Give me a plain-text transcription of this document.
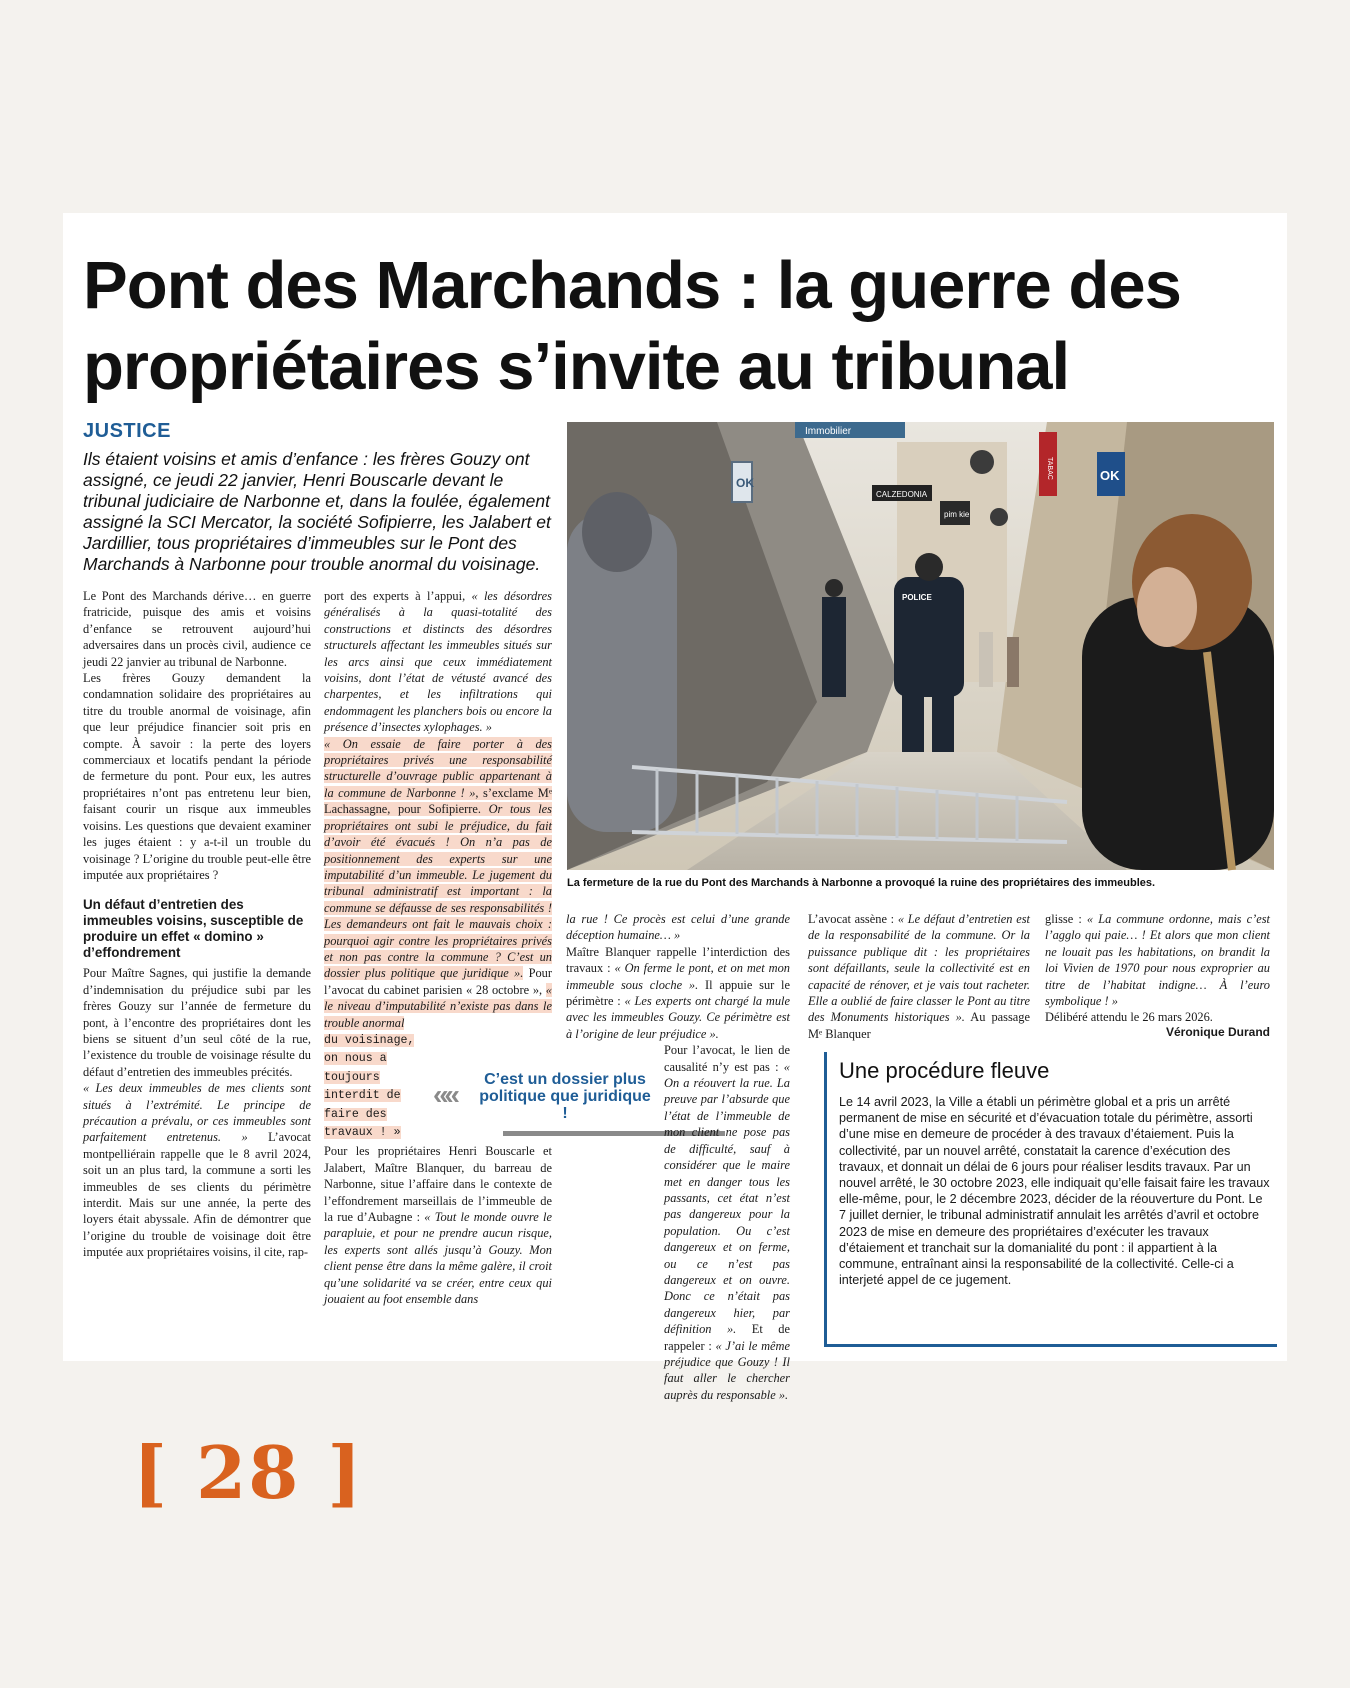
Pont des Marchands : la guerre des propriétaires s’invite au tribunal
JUSTICE

Ils étaient voisins et amis d’enfance : les frères Gouzy ont assigné, ce jeudi 22 janvier, Henri Bouscarle devant le tribunal judiciaire de Narbonne et, dans la foulée, également assigné la SCI Mercator, la société Sofipierre, les Jalabert et Jardillier, tous propriétaires d’immeubles sur le Pont des Marchands à Narbonne pour trouble anormal du voisinage.

Le Pont des Marchands dérive… en guerre fratricide, puisque des amis et voisins d’enfance se retrouvent aujourd’hui adversaires dans un procès civil, audience ce jeudi 22 janvier au tribunal de Narbonne.

Les frères Gouzy demandent la condamnation solidaire des propriétaires au titre du trouble anormal de voisinage, afin que leur préjudice financier soit pris en compte. À savoir : la perte des loyers commerciaux et locatifs pendant la période de fermeture du pont. Pour eux, les autres propriétaires n’ont pas entretenu leur bien, faisant courir un risque aux immeubles voisins. Les questions que devaient examiner les juges étaient : y a-t-il un trouble du voisinage ? L’origine du trouble peut-elle être imputée aux propriétaires ?

Un défaut d’entretien des immeubles voisins, susceptible de produire un effet « domino » d’effondrement

Pour Maître Sagnes, qui justifie la demande d’indemnisation du préjudice subi par les frères Gouzy sur l’année de fermeture du pont, à l’encontre des propriétaires dont les biens se situent d’un seul côté de la rue, l’existence du trouble de voisinage résulte du défaut d’entretien des immeubles précités.

« Les deux immeubles de mes clients sont situés à l’extrémité. Le principe de précaution a prévalu, or ces immeubles sont parfaitement entretenus. » L’avocat montpelliérain rappelle que le 8 avril 2024, soit un an plus tard, la commune a sorti les immeubles de ses clients du périmètre interdit. Mais sur une année, la perte des loyers était abyssale. Afin de démontrer que l’origine du trouble de voisinage doit être imputée aux propriétaires voisins, il cite, rap-

port des experts à l’appui, « les désordres généralisés à la quasi-totalité des constructions et distincts des désordres structurels affectant les immeubles situés sur les arcs ainsi que ceux immédiatement voisins, dont l’état de vétusté avancé des charpentes, et les infiltrations qui endommagent les planchers bois ou encore la présence d’insectes xylophages. »

« On essaie de faire porter à des propriétaires privés une responsabilité structurelle d’ouvrage public appartenant à la commune de Narbonne ! », s’exclame Mᵉ Lachassagne, pour Sofipierre. Or tous les propriétaires ont subi le préjudice, du fait d’avoir été évacués ! On n’a pas de positionnement des experts sur une imputabilité d’un immeuble. Le jugement du tribunal administratif est important : la commune se défausse de ses responsabilités ! Les demandeurs ont fait le mauvais choix : pourquoi agir contre les propriétaires privés et non pas contre la commune ? C’est un dossier plus politique que juridique ». Pour l’avocat du cabinet parisien « 28 octobre », « le niveau d’imputabilité n’existe pas dans le trouble anormal

du voisinage, on nous a toujours interdit de faire des travaux ! »

Pour les propriétaires Henri Bouscarle et Jalabert, Maître Blanquer, du barreau de Narbonne, situe l’affaire dans le contexte de l’effondrement marseillais de l’immeuble de la rue d’Aubagne : « Tout le monde ouvre le parapluie, et pour ne prendre aucun risque, les experts sont allés jusqu’à Gouzy. Mon client pense être dans la même galère, il croit qu’une solidarité va se créer, entre ceux qui jouaient au foot ensemble dans

« «	C’est un dossier plus politique que juridique !
OK	OK
Immobilier
CALZEDONIA
pim kie
TABAC
POLICE
La fermeture de la rue du Pont des Marchands à Narbonne a provoqué la ruine des propriétaires des immeubles.

la rue ! Ce procès est celui d’une grande déception humaine… »

Maître Blanquer rappelle l’interdiction des travaux : « On ferme le pont, et on met mon immeuble sous cloche ». Il appuie sur le périmètre : « Les experts ont chargé la mule avec les immeubles Gouzy. Ce périmètre est à l’origine de leur préjudice ».

Pour l’avocat, le lien de causalité n’y est pas : « On a réouvert la rue. La preuve par l’absurde que l’état de l’immeuble de mon client ne pose pas de difficulté, sauf à considérer que le maire met en danger tous les passants, cet état n’est pas dangereux pour la population. Ou c’est dangereux et on ferme, ou ce n’est pas dangereux et on ouvre. Donc ce n’était pas dangereux hier, par définition ». Et de rappeler : « J’ai le même préjudice que Gouzy ! Il faut aller le chercher auprès du responsable ».

L’avocat assène : « Le défaut d’entretien est de la responsabilité de la commune. Or la puissance publique dit : les propriétaires sont défaillants, seule la collectivité est en capacité de rénover, et je vais tout racheter. Elle a oublié de faire classer le Pont au titre des Monuments historiques ». Au passage Mᵉ Blanquer

glisse : « La commune ordonne, mais c’est l’agglo qui paie… ! Et alors que mon client ne louait pas les habitations, on brandit la loi Vivien de 1970 pour nous exproprier au titre de l’habitat indigne… À l’euro symbolique ! »

Délibéré attendu le 26 mars 2026.

Véronique Durand
Une procédure fleuve

Le 14 avril 2023, la Ville a établi un périmètre global et a pris un arrêté permanent de mise en sécurité et d’évacuation totale du périmètre, assorti d’une mise en demeure de procéder à des travaux d’étaiement. Puis la collectivité, par un nouvel arrêté, constatait la carence d’exécution des travaux, et donnait un délai de 6 jours pour réaliser lesdits travaux. Par un nouvel arrêté, le 30 octobre 2023, elle indiquait qu’elle faisait faire les travaux elle-même, pour, le 2 décembre 2023, décider de la réouverture du Pont. Le 7 juillet dernier, le tribunal administratif annulait les arrêtés d’avril et octobre 2023 de mise en demeure des propriétaires d’exécuter les travaux d’étaiement et tranchait sur la domanialité du pont : il appartient à la commune, entraînant ainsi la responsabilité de la collectivité. Celle-ci a interjeté appel de ce jugement.

[ 28 ]
